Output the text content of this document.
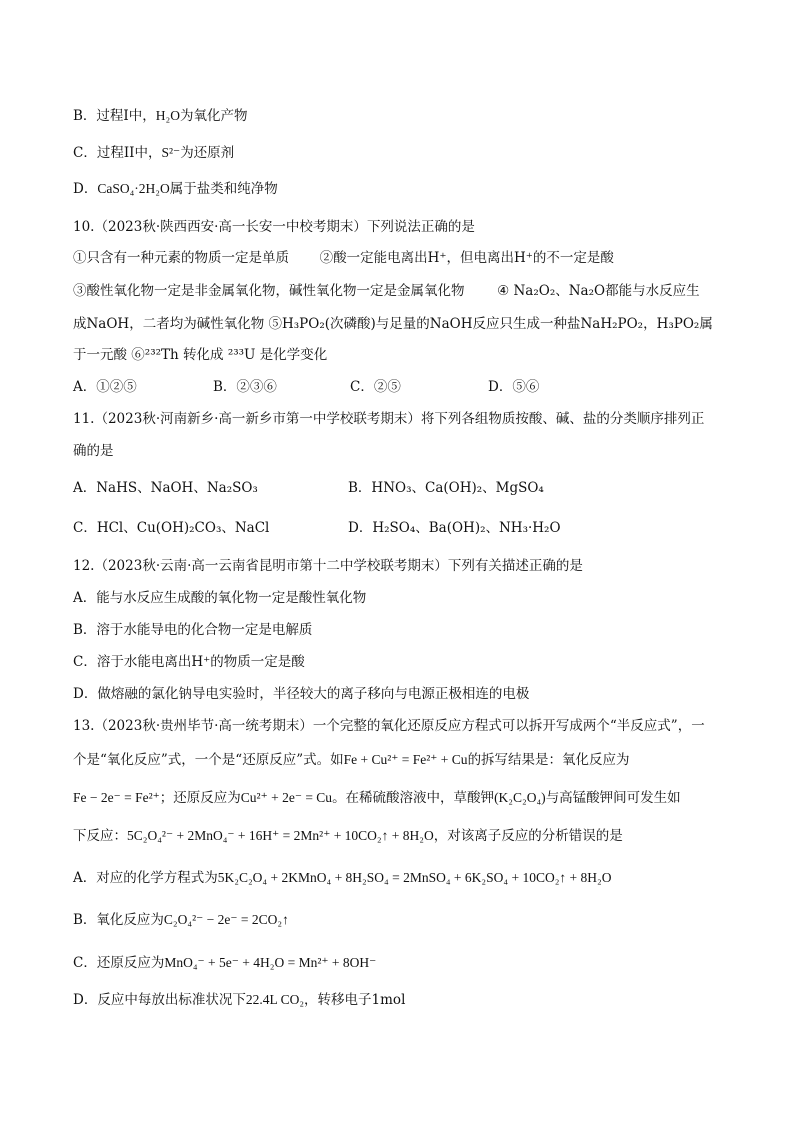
B．过程I中，H₂O为氧化产物
C．过程II中，S²⁻为还原剂
D．CaSO₄·2H₂O属于盐类和纯净物
10.（2023秋·陕西西安·高一长安一中校考期末）下列说法正确的是
①只含有一种元素的物质一定是单质 ②酸一定能电离出H⁺，但电离出H⁺的不一定是酸
③酸性氧化物一定是非金属氧化物，碱性氧化物一定是金属氧化物 ④ Na₂O₂、Na₂O都能与水反应生
成NaOH，二者均为碱性氧化物 ⑤H₃PO₂(次磷酸)与足量的NaOH反应只生成一种盐NaH₂PO₂，H₃PO₂属
于一元酸 ⑥²³²Th 转化成 ²³³U 是化学变化
A．①②⑤	B．②③⑥	C．②⑤	D．⑤⑥
11.（2023秋·河南新乡·高一新乡市第一中学校联考期末）将下列各组物质按酸、碱、盐的分类顺序排列正
确的是
A．NaHS、NaOH、Na₂SO₃	B．HNO₃、Ca(OH)₂、MgSO₄
C．HCl、Cu(OH)₂CO₃、NaCl	D．H₂SO₄、Ba(OH)₂、NH₃·H₂O
12.（2023秋·云南·高一云南省昆明市第十二中学校联考期末）下列有关描述正确的是
A．能与水反应生成酸的氧化物一定是酸性氧化物
B．溶于水能导电的化合物一定是电解质
C．溶于水能电离出H⁺的物质一定是酸
D．做熔融的氯化钠导电实验时，半径较大的离子移向与电源正极相连的电极
13.（2023秋·贵州毕节·高一统考期末）一个完整的氧化还原反应方程式可以拆开写成两个“半反应式”，一
个是“氧化反应”式，一个是“还原反应”式。如Fe + Cu²⁺ = Fe²⁺ + Cu的拆写结果是：氧化反应为
Fe − 2e⁻ = Fe²⁺；还原反应为Cu²⁺ + 2e⁻ = Cu。在稀硫酸溶液中，草酸钾(K₂C₂O₄)与高锰酸钾间可发生如
下反应：5C₂O₄²⁻ + 2MnO₄⁻ + 16H⁺ = 2Mn²⁺ + 10CO₂↑ + 8H₂O，对该离子反应的分析错误的是
A．对应的化学方程式为5K₂C₂O₄ + 2KMnO₄ + 8H₂SO₄ = 2MnSO₄ + 6K₂SO₄ + 10CO₂↑ + 8H₂O
B．氧化反应为C₂O₄²⁻ − 2e⁻ = 2CO₂↑
C．还原反应为MnO₄⁻ + 5e⁻ + 4H₂O = Mn²⁺ + 8OH⁻
D．反应中每放出标准状况下22.4L CO₂，转移电子1mol
